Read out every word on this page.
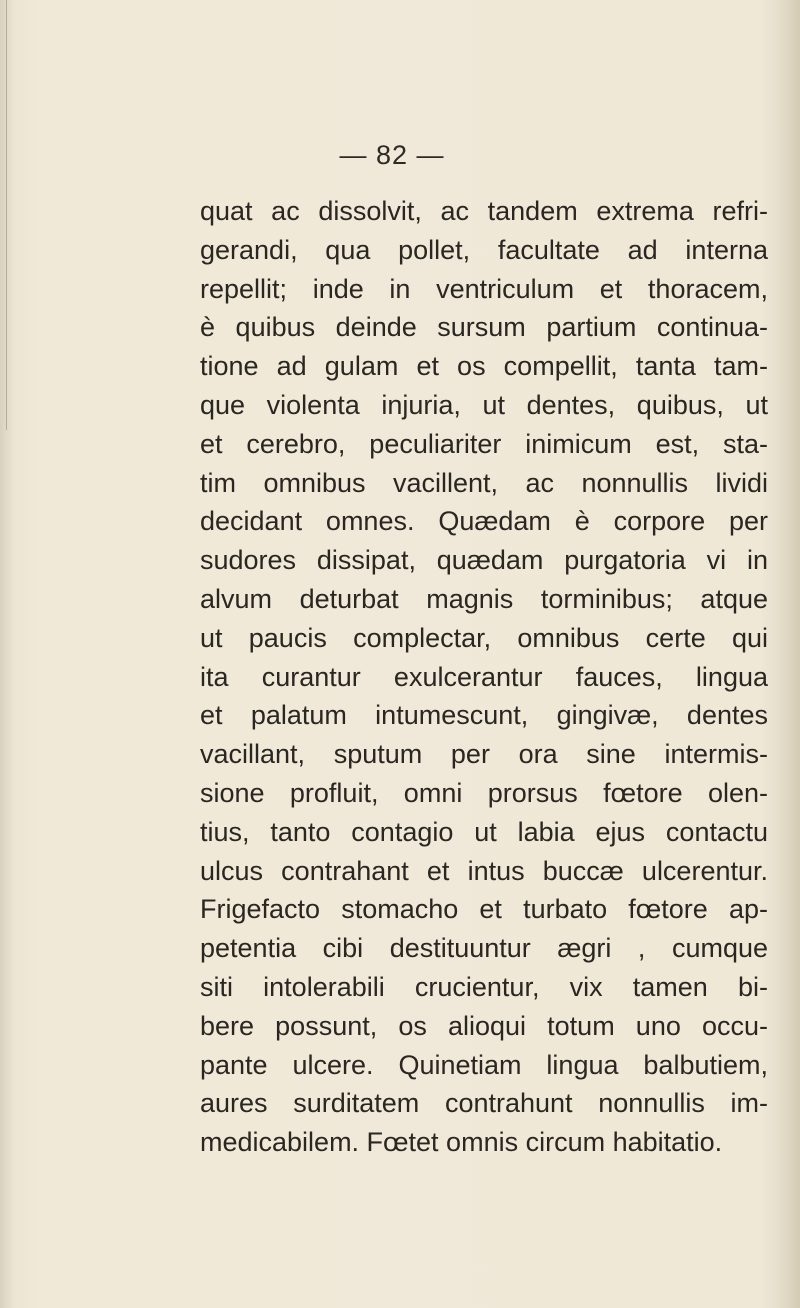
— 82 —
quat ac dissolvit, ac tandem extrema refri-
gerandi, qua pollet, facultate ad interna
repellit; inde in ventriculum et thoracem,
è quibus deinde sursum partium continua-
tione ad gulam et os compellit, tanta tam-
que violenta injuria, ut dentes, quibus, ut
et cerebro, peculiariter inimicum est, sta-
tim omnibus vacillent, ac nonnullis lividi
decidant omnes. Quædam è corpore per
sudores dissipat, quædam purgatoria vi in
alvum deturbat magnis torminibus; atque
ut paucis complectar, omnibus certe qui
ita curantur exulcerantur fauces, lingua
et palatum intumescunt, gingivæ, dentes
vacillant, sputum per ora sine intermis-
sione profluit, omni prorsus fœtore olen-
tius, tanto contagio ut labia ejus contactu
ulcus contrahant et intus buccæ ulcerentur.
Frigefacto stomacho et turbato fœtore ap-
petentia cibi destituuntur ægri , cumque
siti intolerabili crucientur, vix tamen bi-
bere possunt, os alioqui totum uno occu-
pante ulcere. Quinetiam lingua balbutiem,
aures surditatem contrahunt nonnullis im-
medicabilem. Fœtet omnis circum habitatio.
